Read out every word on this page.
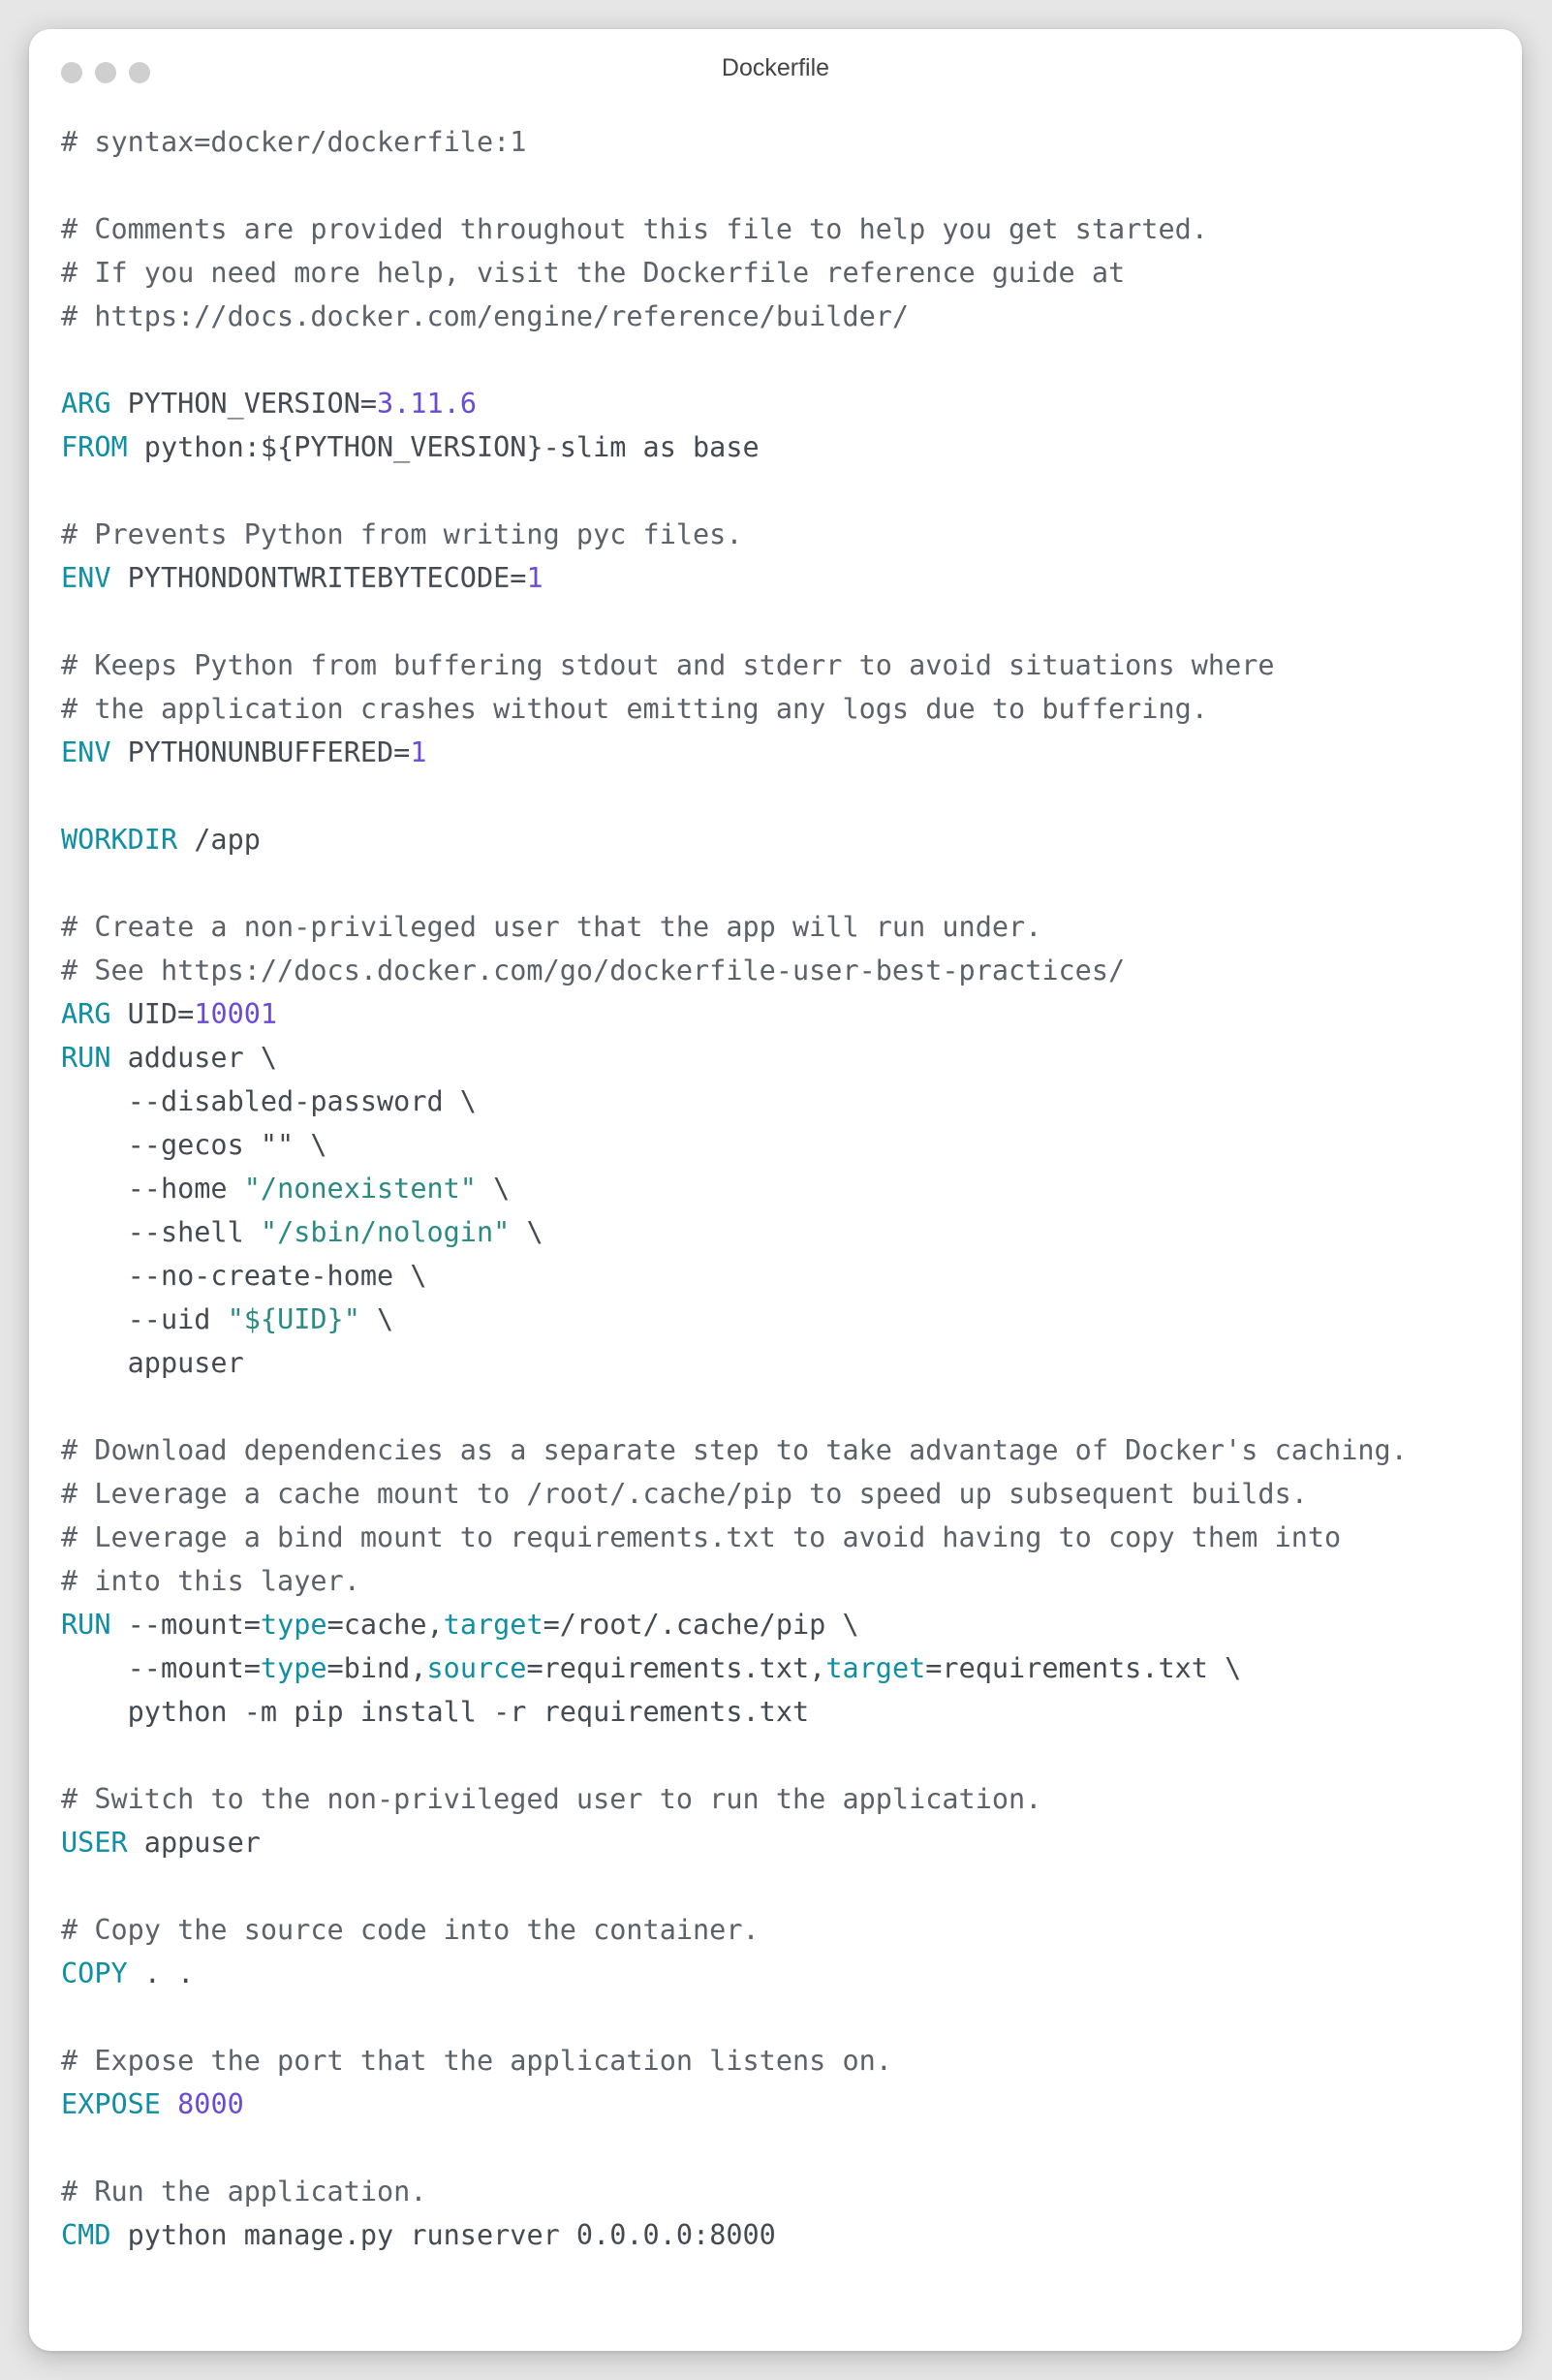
Dockerfile
# syntax=docker/dockerfile:1

# Comments are provided throughout this file to help you get started.
# If you need more help, visit the Dockerfile reference guide at
# https://docs.docker.com/engine/reference/builder/

ARG PYTHON_VERSION=3.11.6
FROM python:${PYTHON_VERSION}-slim as base

# Prevents Python from writing pyc files.
ENV PYTHONDONTWRITEBYTECODE=1

# Keeps Python from buffering stdout and stderr to avoid situations where
# the application crashes without emitting any logs due to buffering.
ENV PYTHONUNBUFFERED=1

WORKDIR /app

# Create a non-privileged user that the app will run under.
# See https://docs.docker.com/go/dockerfile-user-best-practices/
ARG UID=10001
RUN adduser \
--disabled-password \
--gecos "" \
--home "/nonexistent" \
--shell "/sbin/nologin" \
--no-create-home \
--uid "${UID}" \
appuser

# Download dependencies as a separate step to take advantage of Docker's caching.
# Leverage a cache mount to /root/.cache/pip to speed up subsequent builds.
# Leverage a bind mount to requirements.txt to avoid having to copy them into
# into this layer.
RUN --mount=type=cache,target=/root/.cache/pip \
--mount=type=bind,source=requirements.txt,target=requirements.txt \
python -m pip install -r requirements.txt

# Switch to the non-privileged user to run the application.
USER appuser

# Copy the source code into the container.
COPY . .

# Expose the port that the application listens on.
EXPOSE 8000

# Run the application.
CMD python manage.py runserver 0.0.0.0:8000
